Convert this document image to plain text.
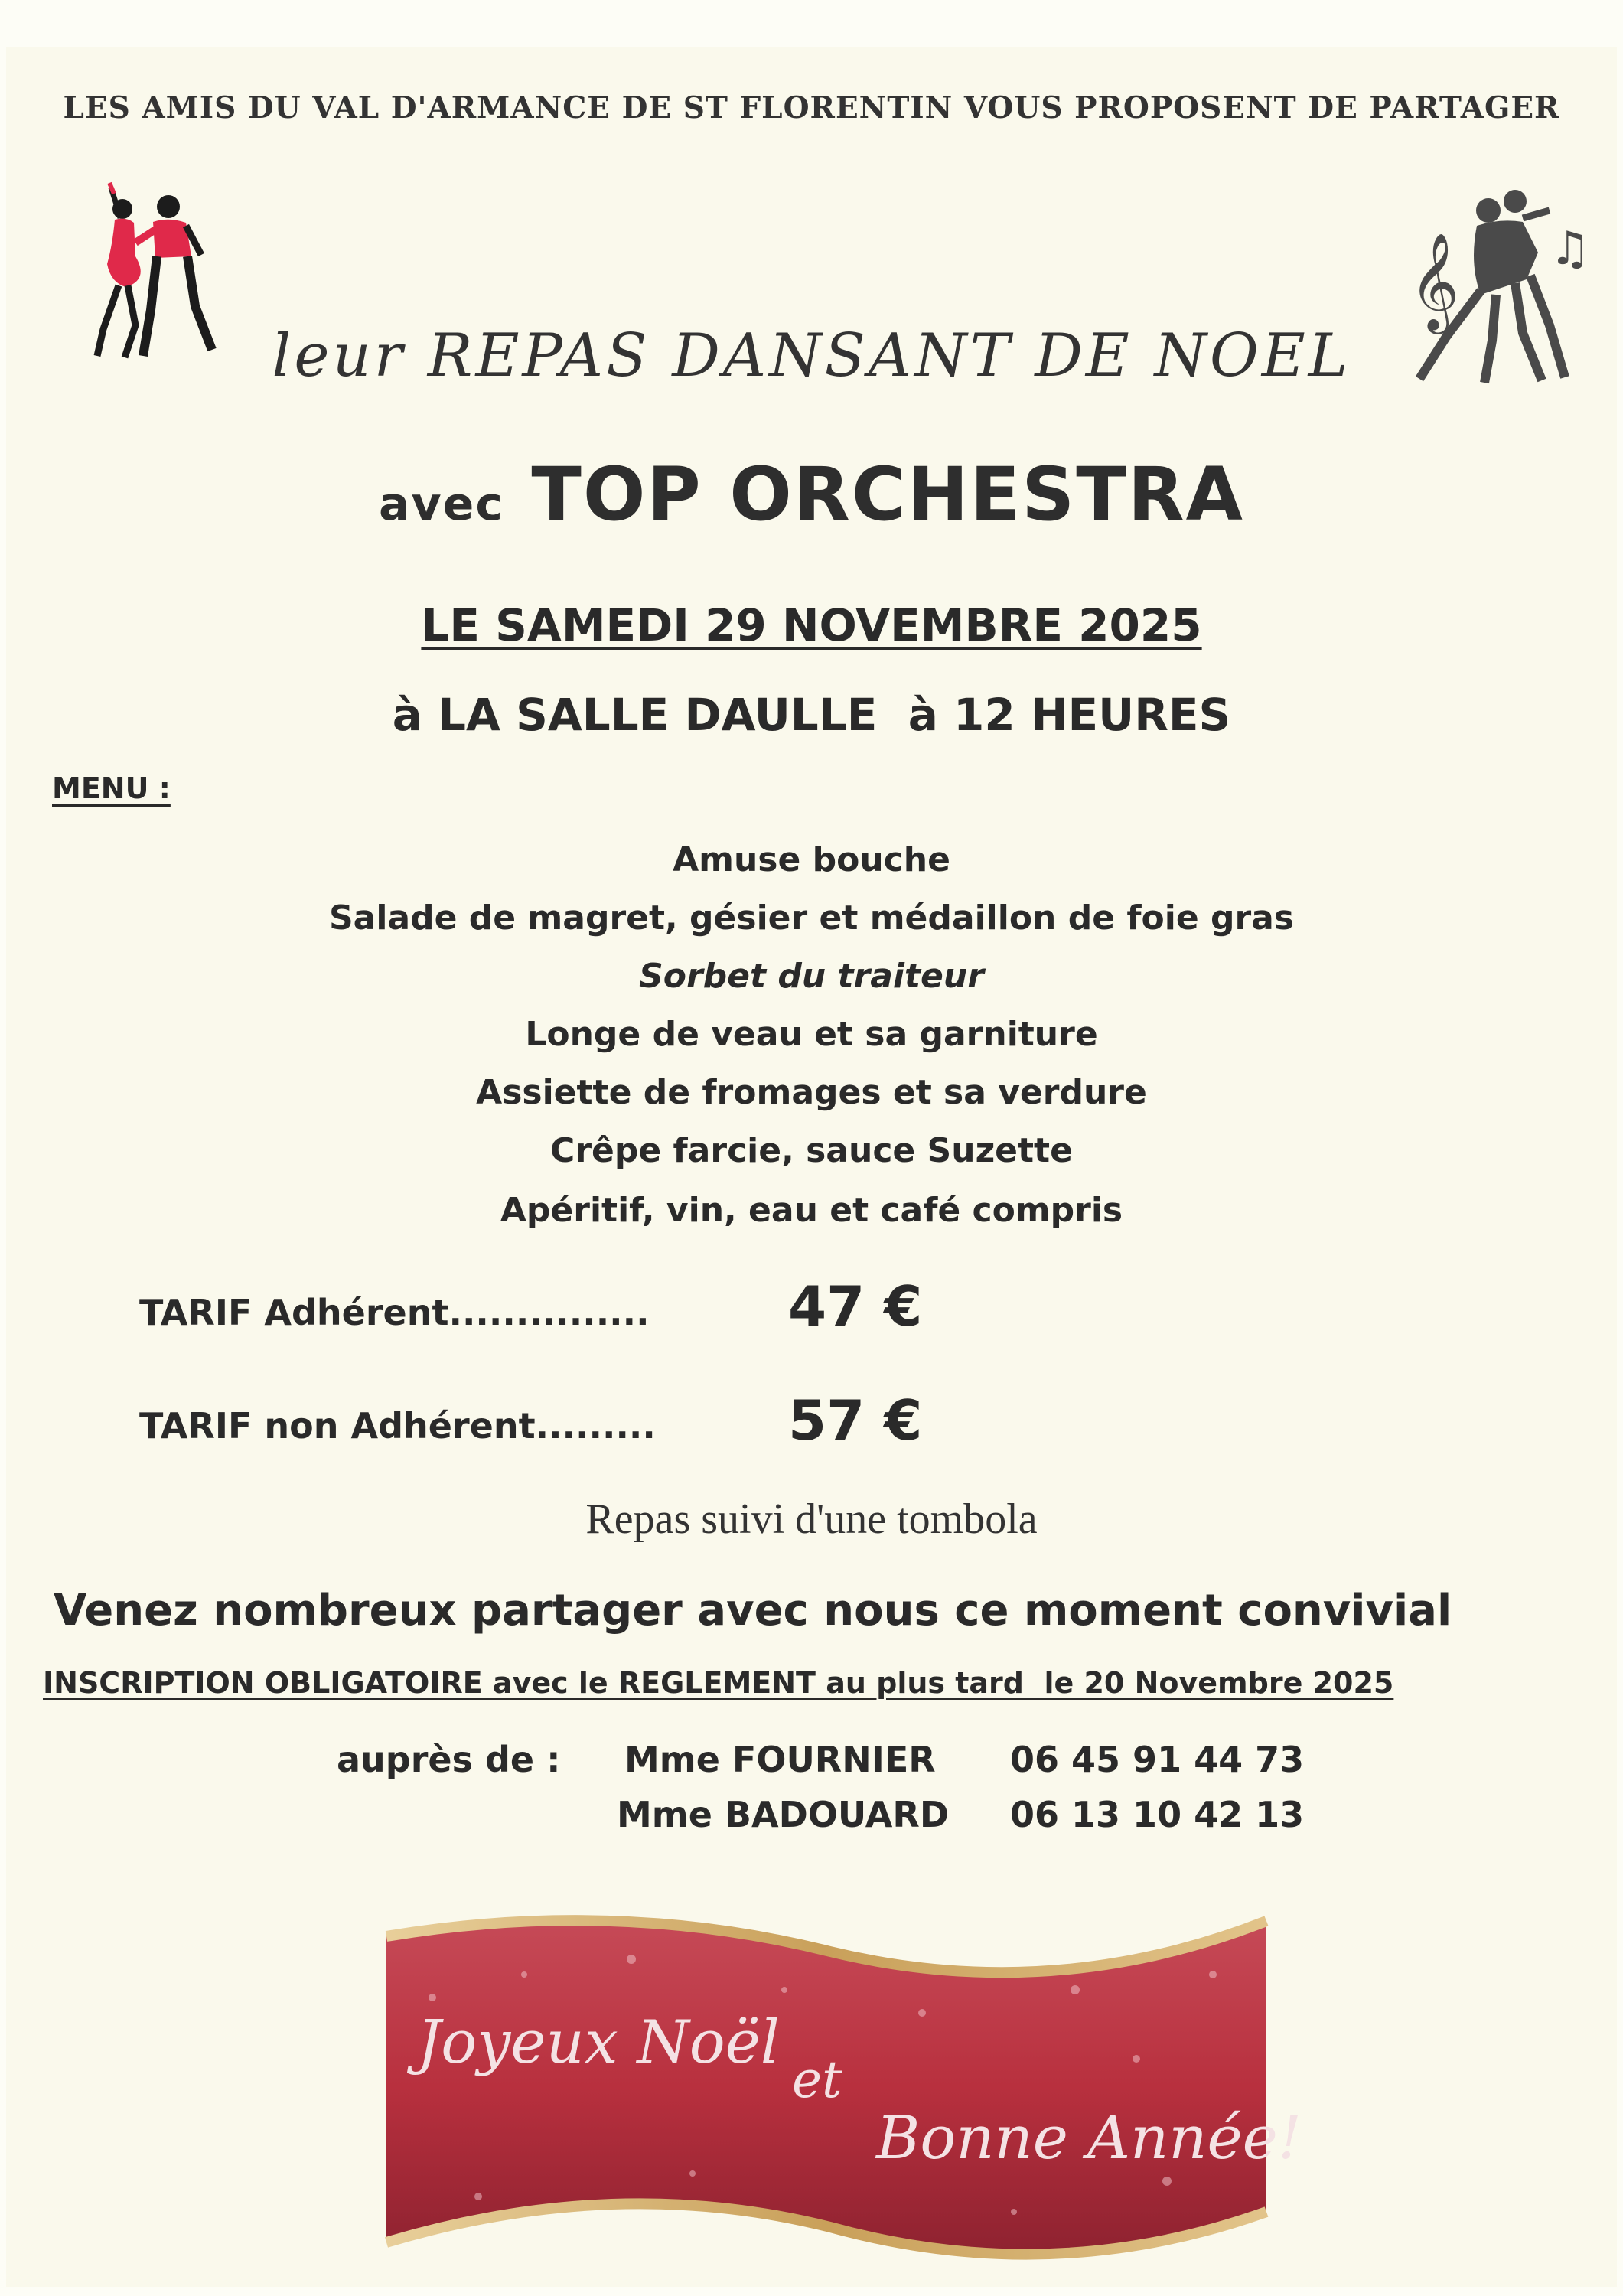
LES AMIS DU VAL D'ARMANCE DE ST FLORENTIN VOUS PROPOSENT DE PARTAGER
𝄞 ♫
leur REPAS DANSANT DE NOEL
avec TOP ORCHESTRA
LE SAMEDI 29 NOVEMBRE 2025
à LA SALLE DAULLE  à 12 HEURES
MENU :
Amuse bouche
Salade de magret, gésier et médaillon de foie gras
Sorbet du traiteur
Longe de veau et sa garniture
Assiette de fromages et sa verdure
Crêpe farcie, sauce Suzette
Apéritif, vin, eau et café compris
TARIF Adhérent...............	47 €
TARIF non Adhérent......... 57 €
Repas suivi d'une tombola
Venez nombreux partager avec nous ce moment convivial
INSCRIPTION OBLIGATOIRE avec le REGLEMENT au plus tard  le 20 Novembre 2025
auprès de : Mme FOURNIER 06 45 91 44 73
Mme BADOUARD 06 13 10 42 13
Joyeux Noël
et
Bonne Année!
